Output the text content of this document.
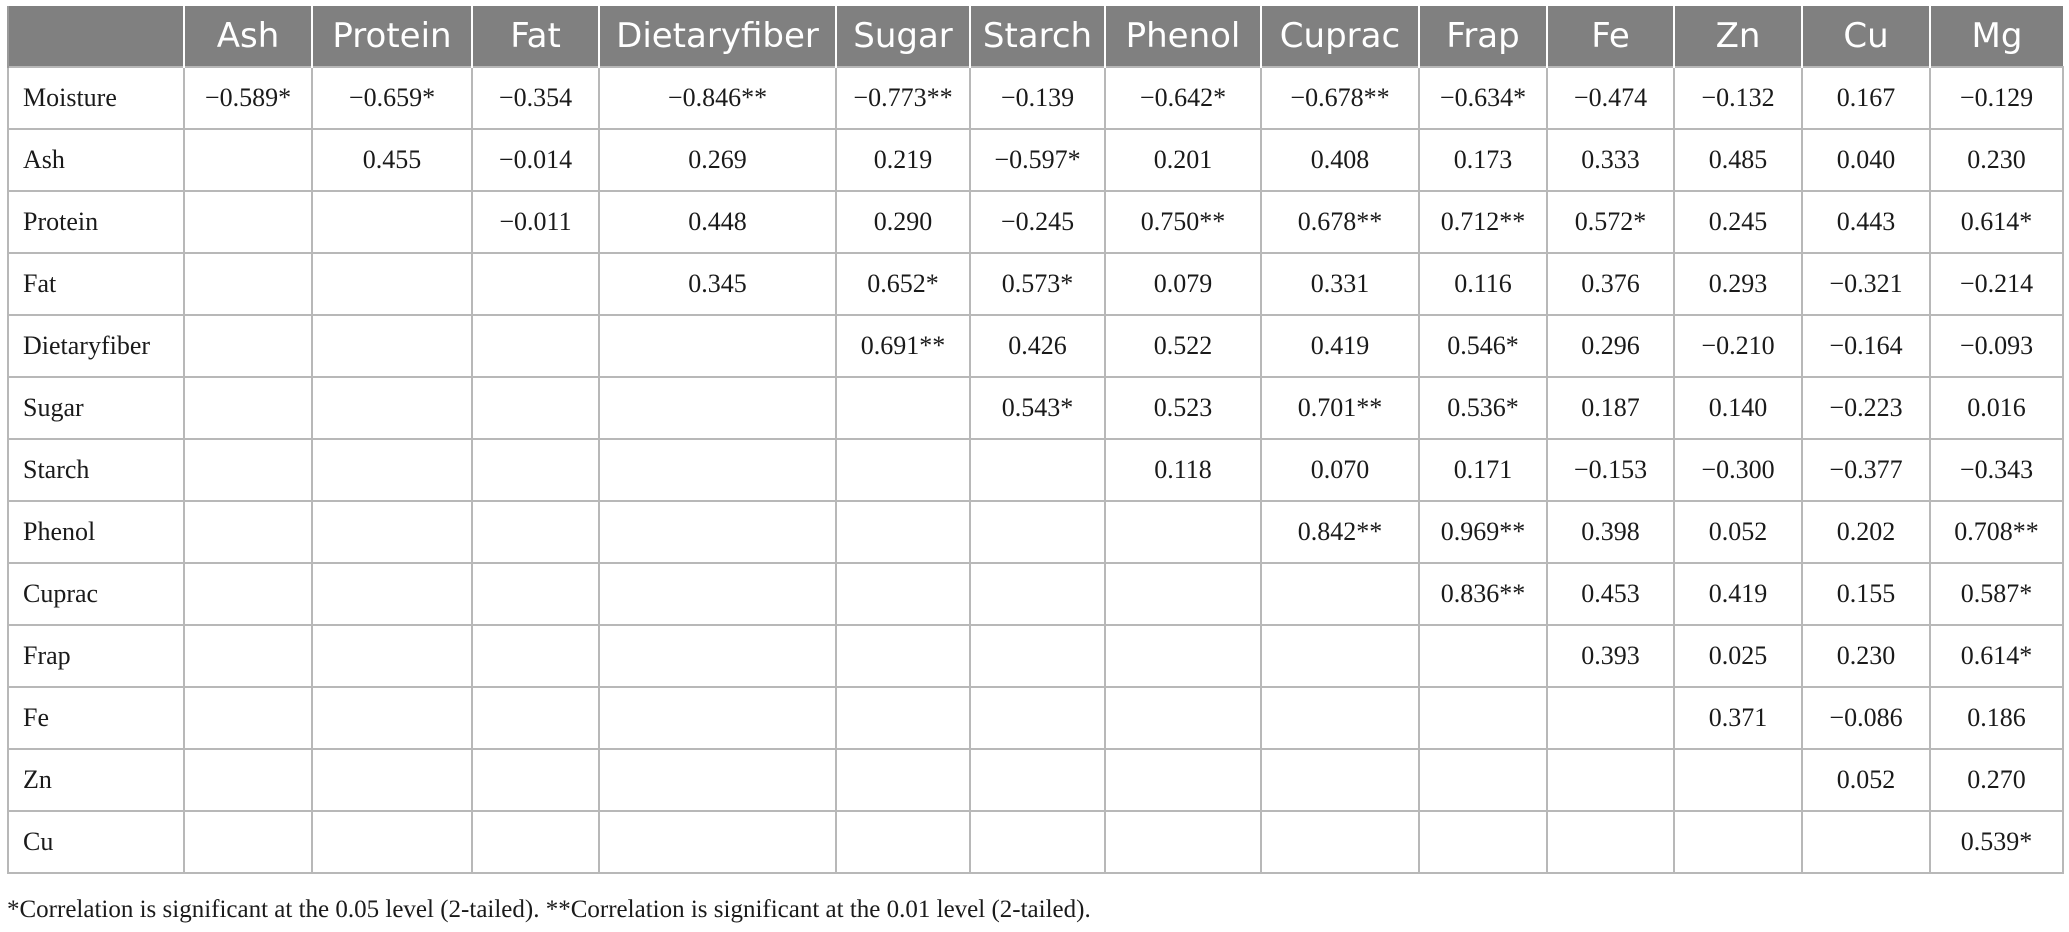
	Ash	Protein	Fat	Dietaryfiber	Sugar	Starch	Phenol	Cuprac	Frap	Fe	Zn	Cu	Mg
Moisture	−0.589*	−0.659*	−0.354	−0.846**	−0.773**	−0.139	−0.642*	−0.678**	−0.634*	−0.474	−0.132	0.167	−0.129
Ash		0.455	−0.014	0.269	0.219	−0.597*	0.201	0.408	0.173	0.333	0.485	0.040	0.230
Protein			−0.011	0.448	0.290	−0.245	0.750**	0.678**	0.712**	0.572*	0.245	0.443	0.614*
Fat				0.345	0.652*	0.573*	0.079	0.331	0.116	0.376	0.293	−0.321	−0.214
Dietaryfiber					0.691**	0.426	0.522	0.419	0.546*	0.296	−0.210	−0.164	−0.093
Sugar						0.543*	0.523	0.701**	0.536*	0.187	0.140	−0.223	0.016
Starch							0.118	0.070	0.171	−0.153	−0.300	−0.377	−0.343
Phenol								0.842**	0.969**	0.398	0.052	0.202	0.708**
Cuprac									0.836**	0.453	0.419	0.155	0.587*
Frap										0.393	0.025	0.230	0.614*
Fe											0.371	−0.086	0.186
Zn												0.052	0.270
Cu													0.539*
*Correlation is significant at the 0.05 level (2-tailed). **Correlation is significant at the 0.01 level (2-tailed).
